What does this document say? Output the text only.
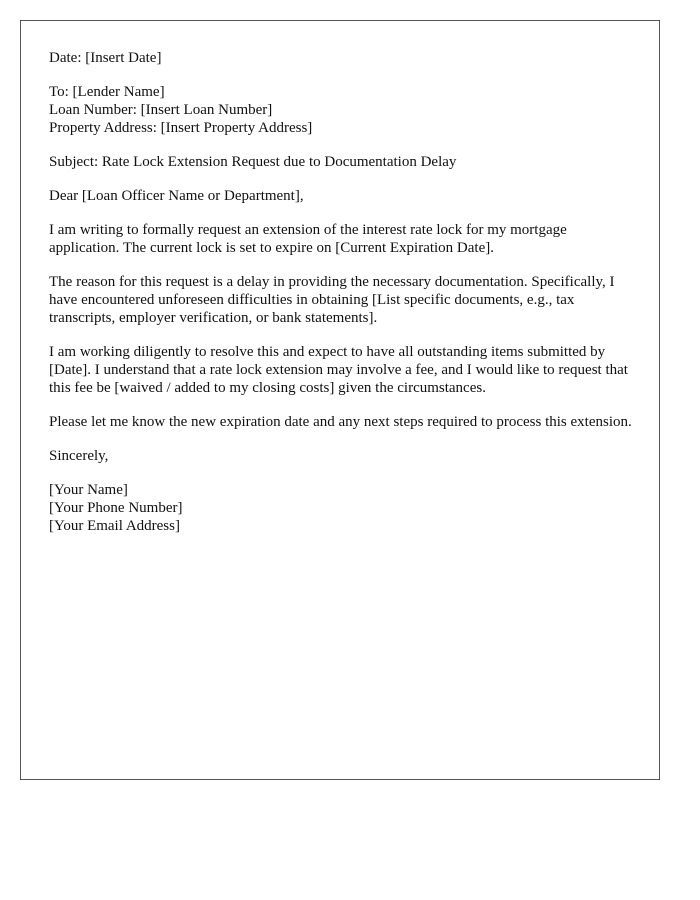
Date: [Insert Date]
To: [Lender Name]
Loan Number: [Insert Loan Number]
Property Address: [Insert Property Address]
Subject: Rate Lock Extension Request due to Documentation Delay
Dear [Loan Officer Name or Department],
I am writing to formally request an extension of the interest rate lock for my mortgage application. The current lock is set to expire on [Current Expiration Date].
The reason for this request is a delay in providing the necessary documentation. Specifically, I have encountered unforeseen difficulties in obtaining [List specific documents, e.g., tax transcripts, employer verification, or bank statements].
I am working diligently to resolve this and expect to have all outstanding items submitted by [Date]. I understand that a rate lock extension may involve a fee, and I would like to request that this fee be [waived / added to my closing costs] given the circumstances.
Please let me know the new expiration date and any next steps required to process this extension.
Sincerely,
[Your Name]
[Your Phone Number]
[Your Email Address]
